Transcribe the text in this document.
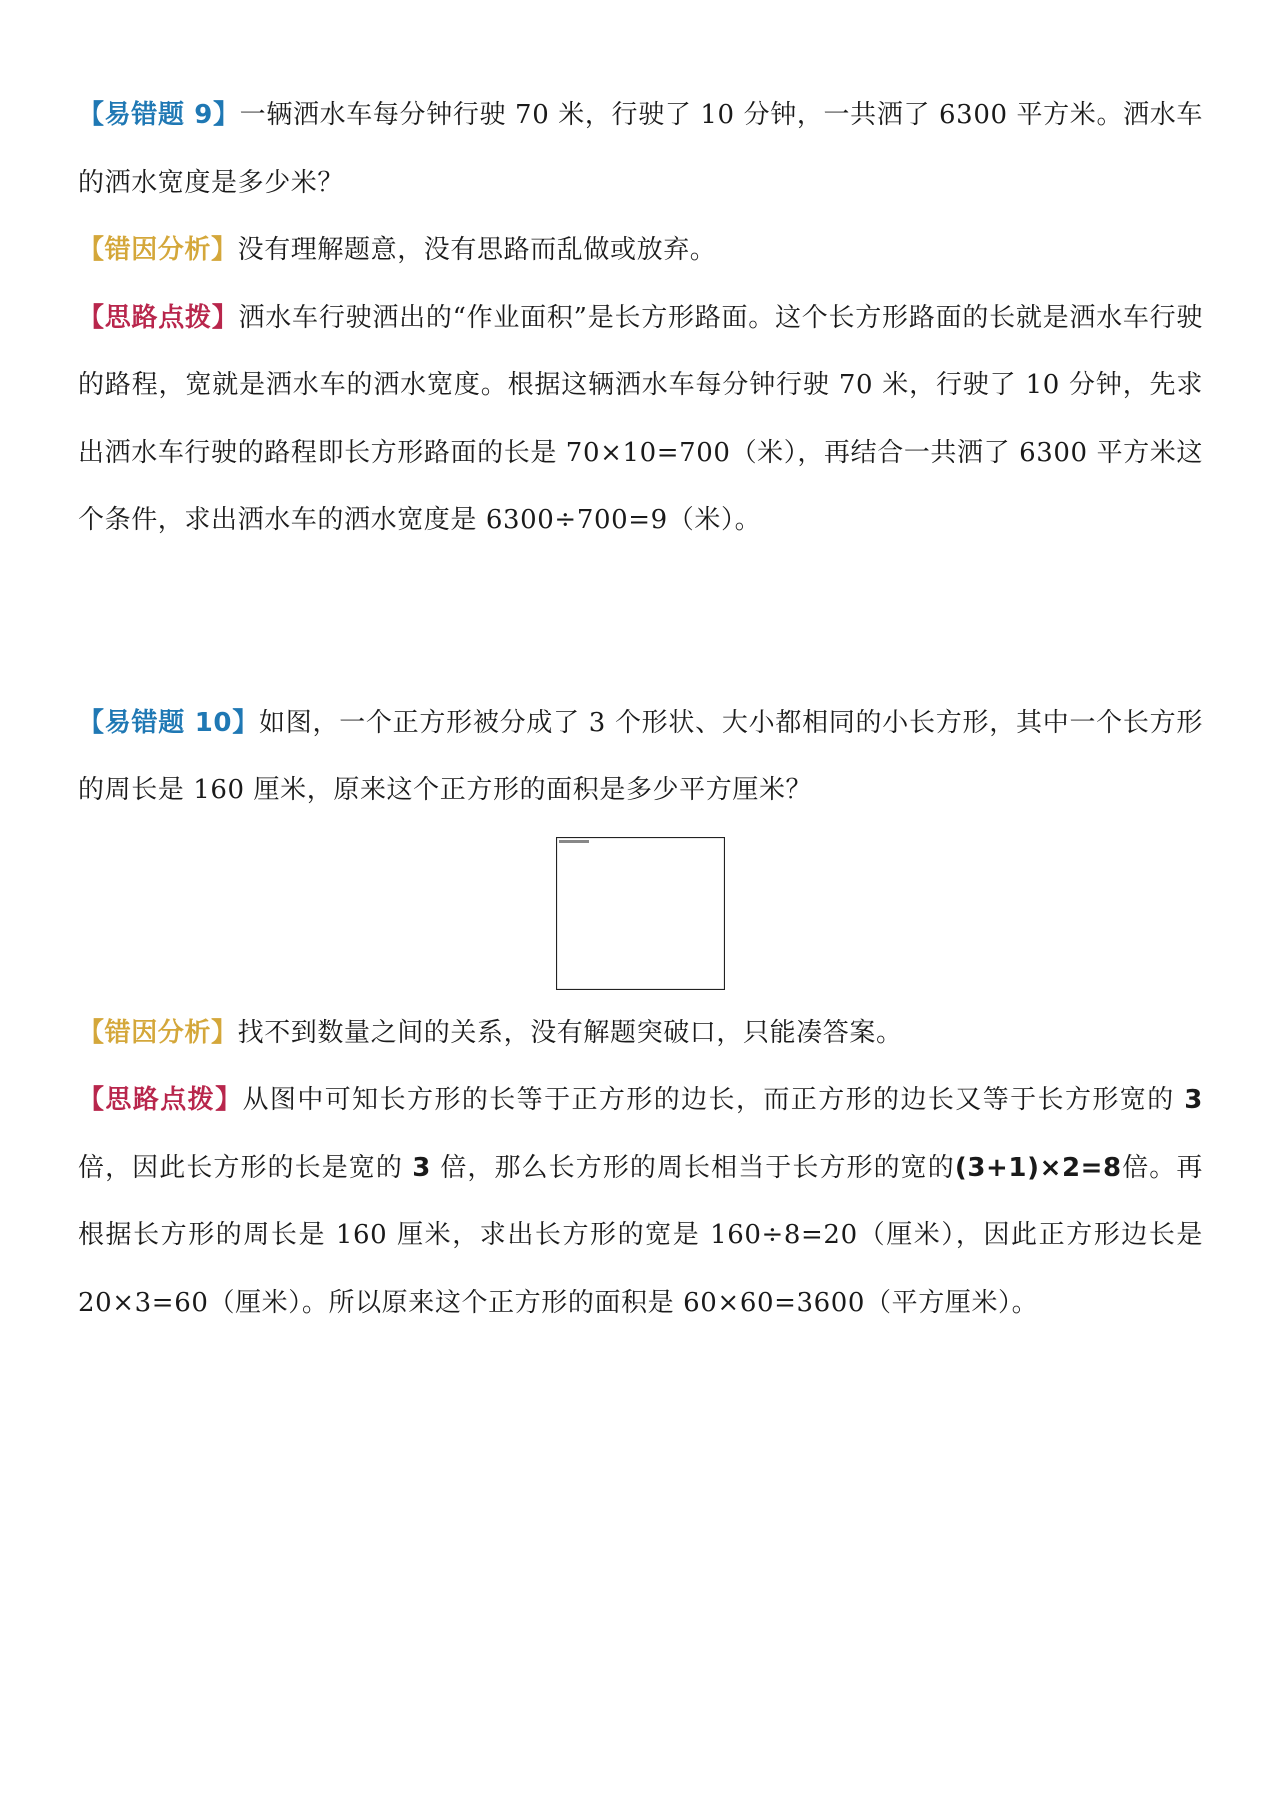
【易错题 9】一辆洒水车每分钟行驶 70 米，行驶了 10 分钟，一共洒了 6300 平方米。洒水车的洒水宽度是多少米？

【错因分析】没有理解题意，没有思路而乱做或放弃。

【思路点拨】洒水车行驶洒出的“作业面积”是长方形路面。这个长方形路面的长就是洒水车行驶的路程，宽就是洒水车的洒水宽度。根据这辆洒水车每分钟行驶 70 米，行驶了 10 分钟，先求出洒水车行驶的路程即长方形路面的长是 70×10=700（米），再结合一共洒了 6300 平方米这个条件，求出洒水车的洒水宽度是 6300÷700=9（米）。

【易错题 10】如图，一个正方形被分成了 3 个形状、大小都相同的小长方形，其中一个长方形的周长是 160 厘米，原来这个正方形的面积是多少平方厘米？

【错因分析】找不到数量之间的关系，没有解题突破口，只能凑答案。

【思路点拨】从图中可知长方形的长等于正方形的边长，而正方形的边长又等于长方形宽的 3 倍，因此长方形的长是宽的 3 倍，那么长方形的周长相当于长方形的宽的(3+1)×2=8倍。再根据长方形的周长是 160 厘米，求出长方形的宽是 160÷8=20（厘米），因此正方形边长是 20×3=60（厘米）。所以原来这个正方形的面积是 60×60=3600（平方厘米）。
